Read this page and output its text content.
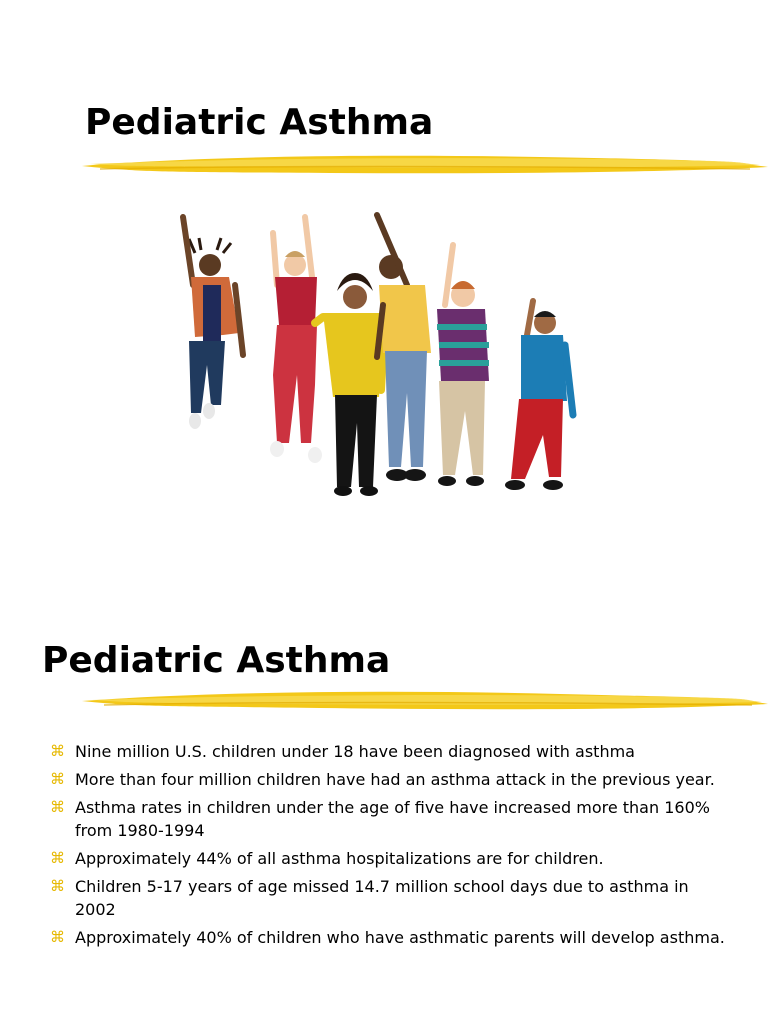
Pediatric Asthma
Pediatric Asthma
⌘ Nine million U.S. children under 18 have been diagnosed with asthma
⌘ More than four million children have had an asthma attack in the previous year.
⌘ Asthma rates in children under the age of five have increased more than 160% from 1980-1994
⌘ Approximately 44% of all asthma hospitalizations are for children.
⌘ Children 5-17 years of age missed 14.7 million school days due to asthma in 2002
⌘ Approximately 40% of children who have asthmatic parents will develop asthma.
